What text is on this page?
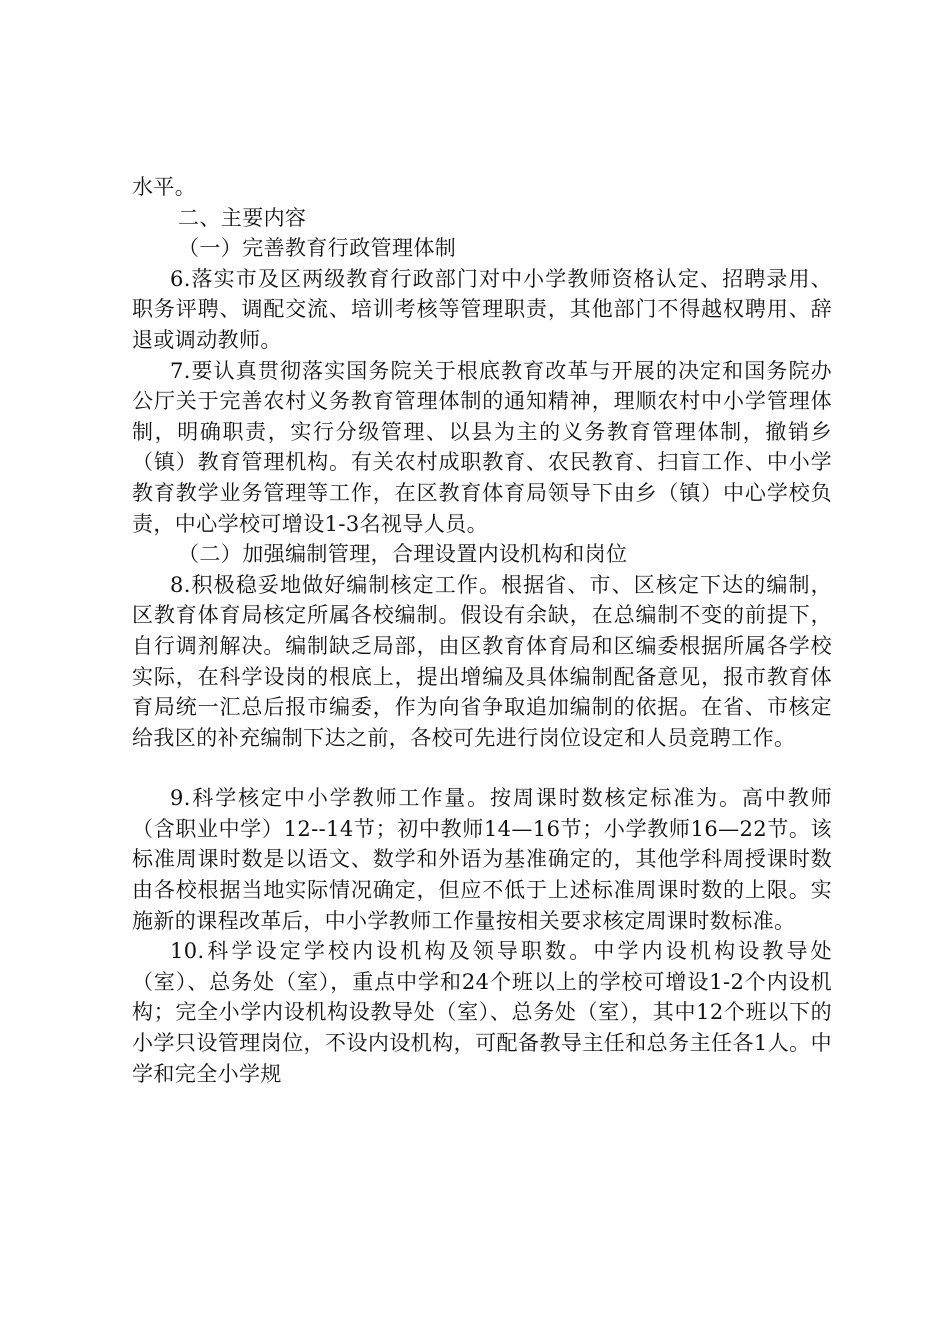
水平。

二、主要内容

（一）完善教育行政管理体制

6.落实市及区两级教育行政部门对中小学教师资格认定、招聘录用、职务评聘、调配交流、培训考核等管理职责，其他部门不得越权聘用、辞退或调动教师。

7.要认真贯彻落实国务院关于根底教育改革与开展的决定和国务院办公厅关于完善农村义务教育管理体制的通知精神，理顺农村中小学管理体制，明确职责，实行分级管理、以县为主的义务教育管理体制，撤销乡（镇）教育管理机构。有关农村成职教育、农民教育、扫盲工作、中小学教育教学业务管理等工作，在区教育体育局领导下由乡（镇）中心学校负责，中心学校可增设1-3名视导人员。

（二）加强编制管理，合理设置内设机构和岗位

8.积极稳妥地做好编制核定工作。根据省、市、区核定下达的编制，区教育体育局核定所属各校编制。假设有余缺，在总编制不变的前提下，自行调剂解决。编制缺乏局部，由区教育体育局和区编委根据所属各学校实际，在科学设岗的根底上，提出增编及具体编制配备意见，报市教育体育局统一汇总后报市编委，作为向省争取追加编制的依据。在省、市核定给我区的补充编制下达之前，各校可先进行岗位设定和人员竞聘工作。

9.科学核定中小学教师工作量。按周课时数核定标准为。高中教师（含职业中学）12--14节；初中教师14—16节；小学教师16—22节。该标准周课时数是以语文、数学和外语为基准确定的，其他学科周授课时数由各校根据当地实际情况确定，但应不低于上述标准周课时数的上限。实施新的课程改革后，中小学教师工作量按相关要求核定周课时数标准。

10.科学设定学校内设机构及领导职数。中学内设机构设教导处（室）、总务处（室），重点中学和24个班以上的学校可增设1-2个内设机构；完全小学内设机构设教导处（室）、总务处（室），其中12个班以下的小学只设管理岗位，不设内设机构，可配备教导主任和总务主任各1人。中学和完全小学规
